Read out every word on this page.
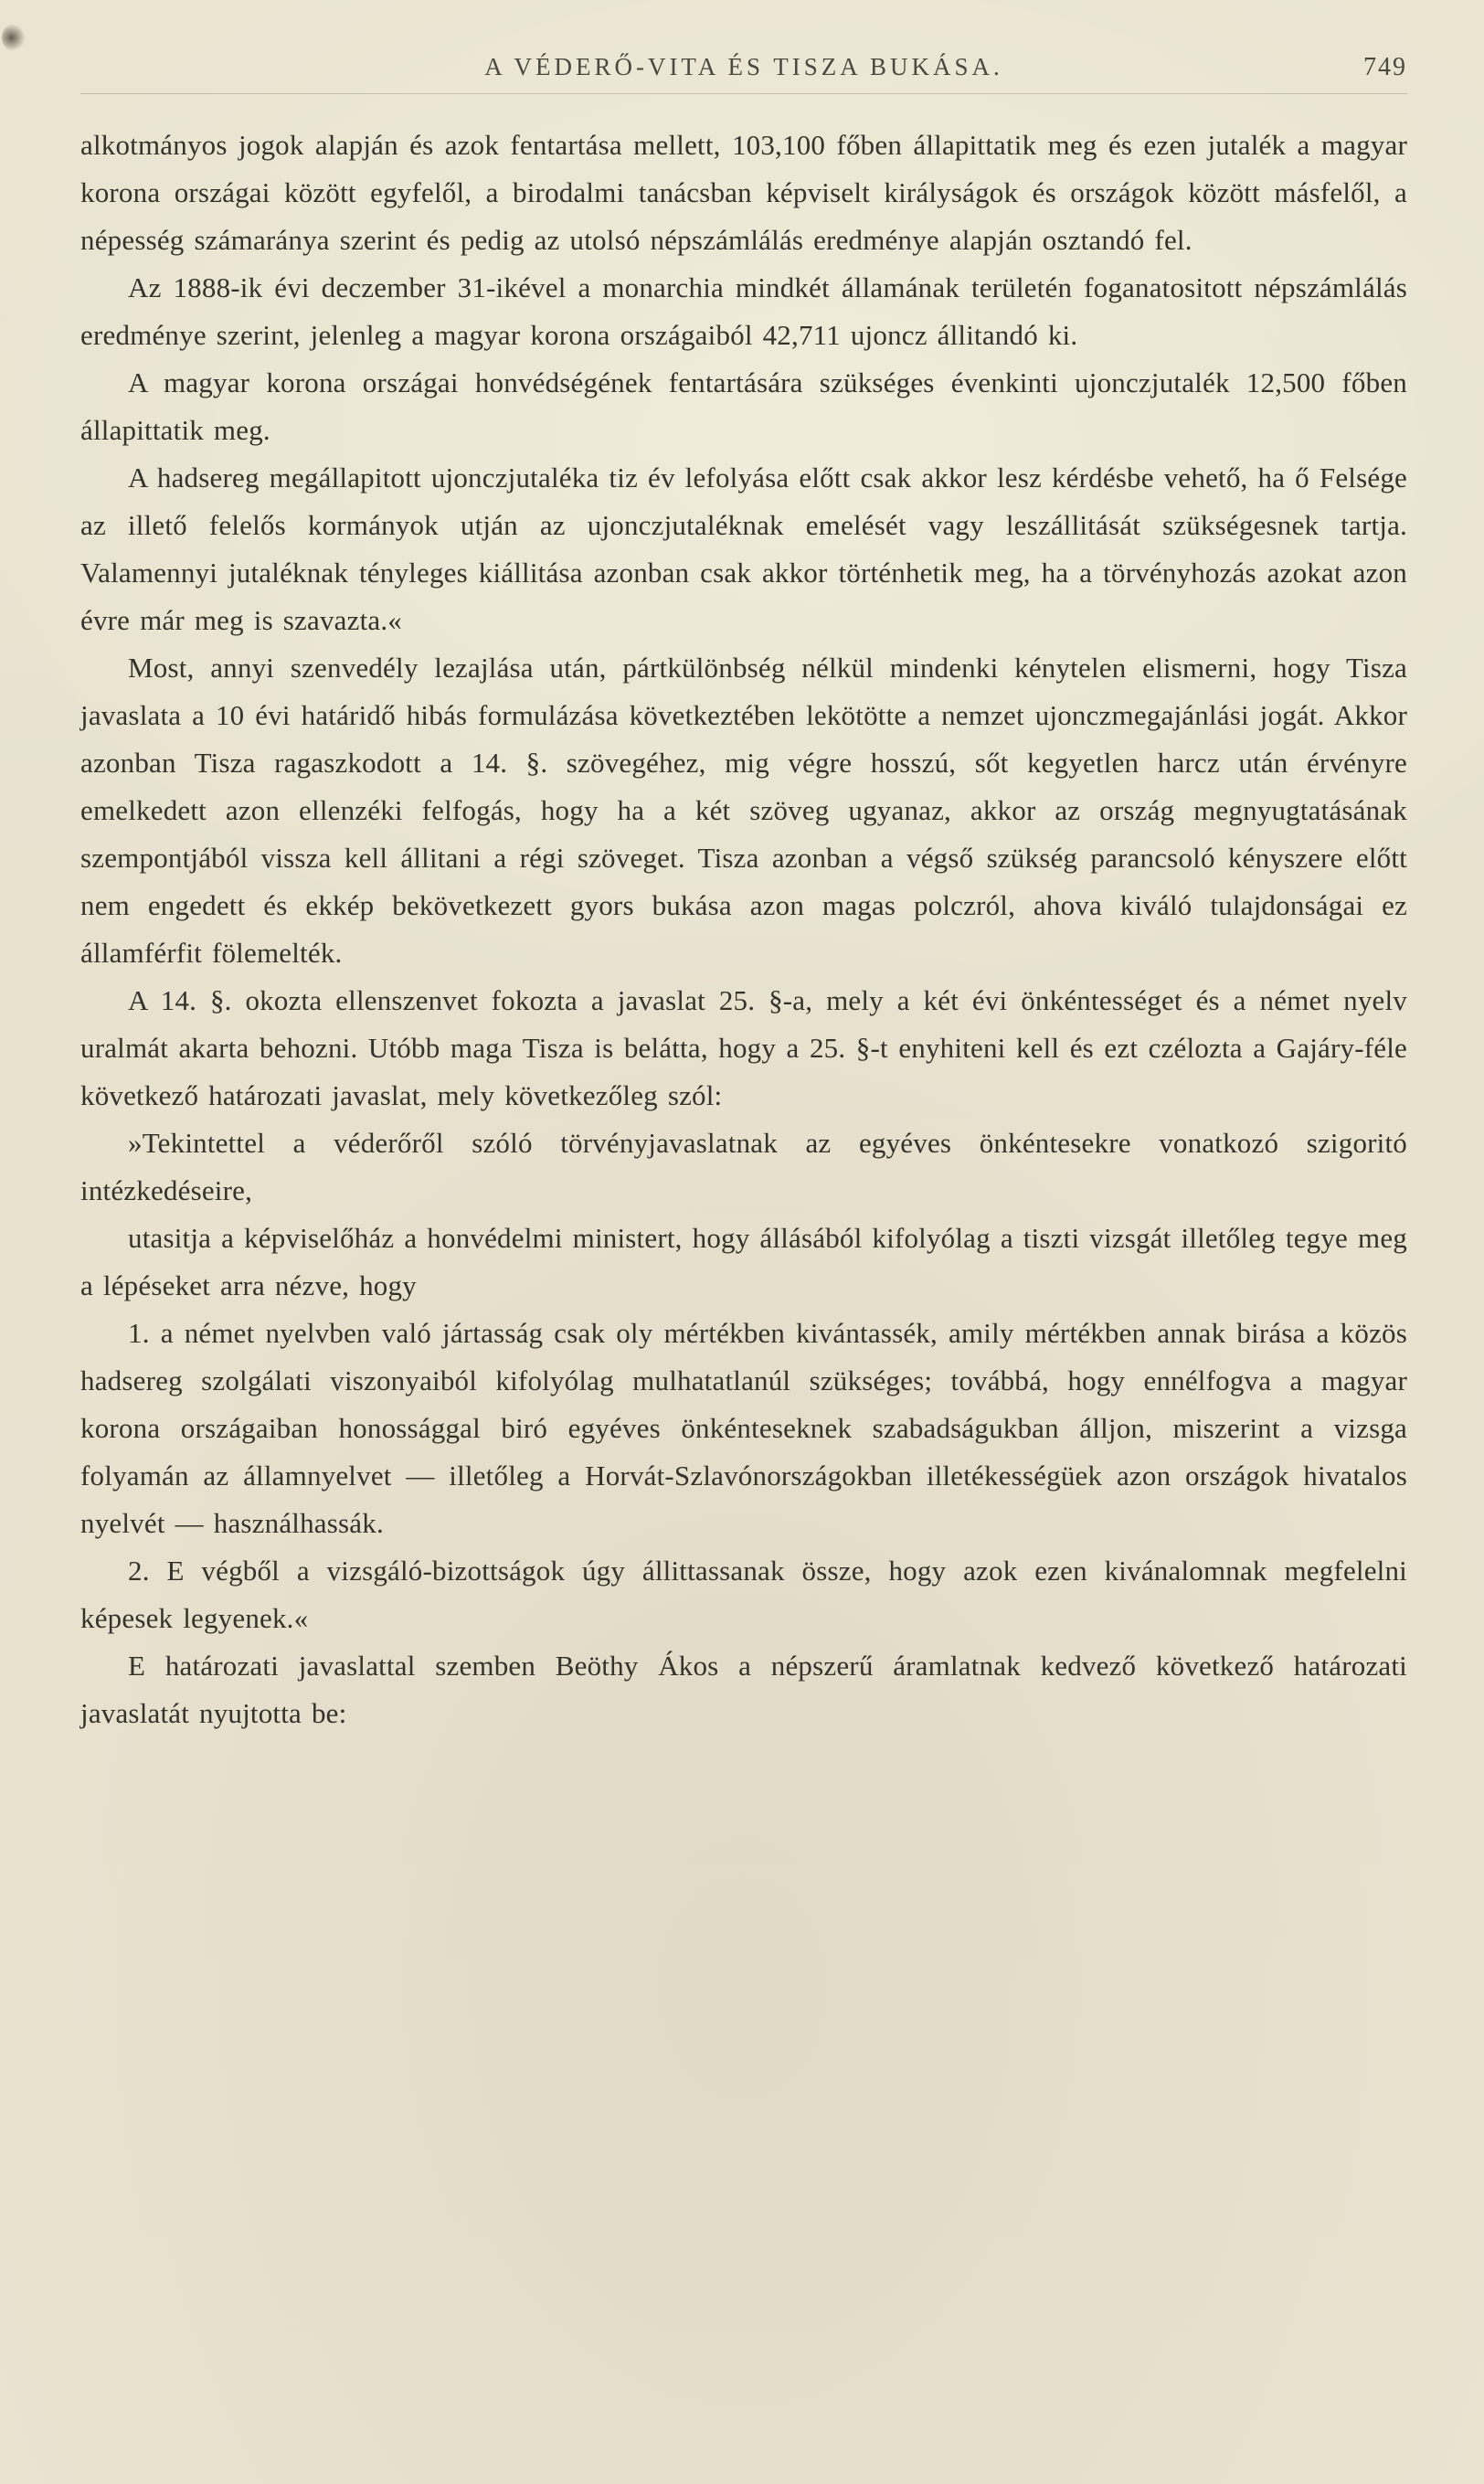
A VÉDERŐ-VITA ÉS TISZA BUKÁSA.	749

alkotmányos jogok alapján és azok fentartása mellett, 103,100 főben állapittatik meg és ezen jutalék a magyar korona országai között egyfelől, a birodalmi tanácsban képviselt királyságok és országok között másfelől, a népesség számaránya szerint és pedig az utolsó népszámlálás eredménye alapján osztandó fel.

Az 1888-ik évi deczember 31-ikével a monarchia mindkét államának területén foganatositott népszámlálás eredménye szerint, jelenleg a magyar korona országaiból 42,711 ujoncz állitandó ki.

A magyar korona országai honvédségének fentartására szükséges évenkinti ujonczjutalék 12,500 főben állapittatik meg.

A hadsereg megállapitott ujonczjutaléka tiz év lefolyása előtt csak akkor lesz kérdésbe vehető, ha ő Felsége az illető felelős kormányok utján az ujonczjutaléknak emelését vagy leszállitását szükségesnek tartja. Valamennyi jutaléknak tényleges kiállitása azonban csak akkor történhetik meg, ha a törvényhozás azokat azon évre már meg is szavazta.«

Most, annyi szenvedély lezajlása után, pártkülönbség nélkül mindenki kénytelen elismerni, hogy Tisza javaslata a 10 évi határidő hibás formulázása következtében lekötötte a nemzet ujonczmegajánlási jogát. Akkor azonban Tisza ragaszkodott a 14. §. szövegéhez, mig végre hosszú, sőt kegyetlen harcz után érvényre emelkedett azon ellenzéki felfogás, hogy ha a két szöveg ugyanaz, akkor az ország megnyugtatásának szempontjából vissza kell állitani a régi szöveget. Tisza azonban a végső szükség parancsoló kényszere előtt nem engedett és ekkép bekövetkezett gyors bukása azon magas polczról, ahova kiváló tulajdonságai ez államférfit fölemelték.

A 14. §. okozta ellenszenvet fokozta a javaslat 25. §-a, mely a két évi önkéntességet és a német nyelv uralmát akarta behozni. Utóbb maga Tisza is belátta, hogy a 25. §-t enyhiteni kell és ezt czélozta a Gajáry-féle következő határozati javaslat, mely következőleg szól:

»Tekintettel a véderőről szóló törvényjavaslatnak az egyéves önkéntesekre vonatkozó szigoritó intézkedéseire,

utasitja a képviselőház a honvédelmi ministert, hogy állásából kifolyólag a tiszti vizsgát illetőleg tegye meg a lépéseket arra nézve, hogy

1. a német nyelvben való jártasság csak oly mértékben kivántassék, amily mértékben annak birása a közös hadsereg szolgálati viszonyaiból kifolyólag mulhatatlanúl szükséges; továbbá, hogy ennélfogva a magyar korona országaiban honossággal biró egyéves önkénteseknek szabadságukban álljon, miszerint a vizsga folyamán az államnyelvet — illetőleg a Horvát-Szlavónországokban illetékességüek azon országok hivatalos nyelvét — használhassák.

2. E végből a vizsgáló-bizottságok úgy állittassanak össze, hogy azok ezen kivánalomnak megfelelni képesek legyenek.«

E határozati javaslattal szemben Beöthy Ákos a népszerű áramlatnak kedvező következő határozati javaslatát nyujtotta be:
